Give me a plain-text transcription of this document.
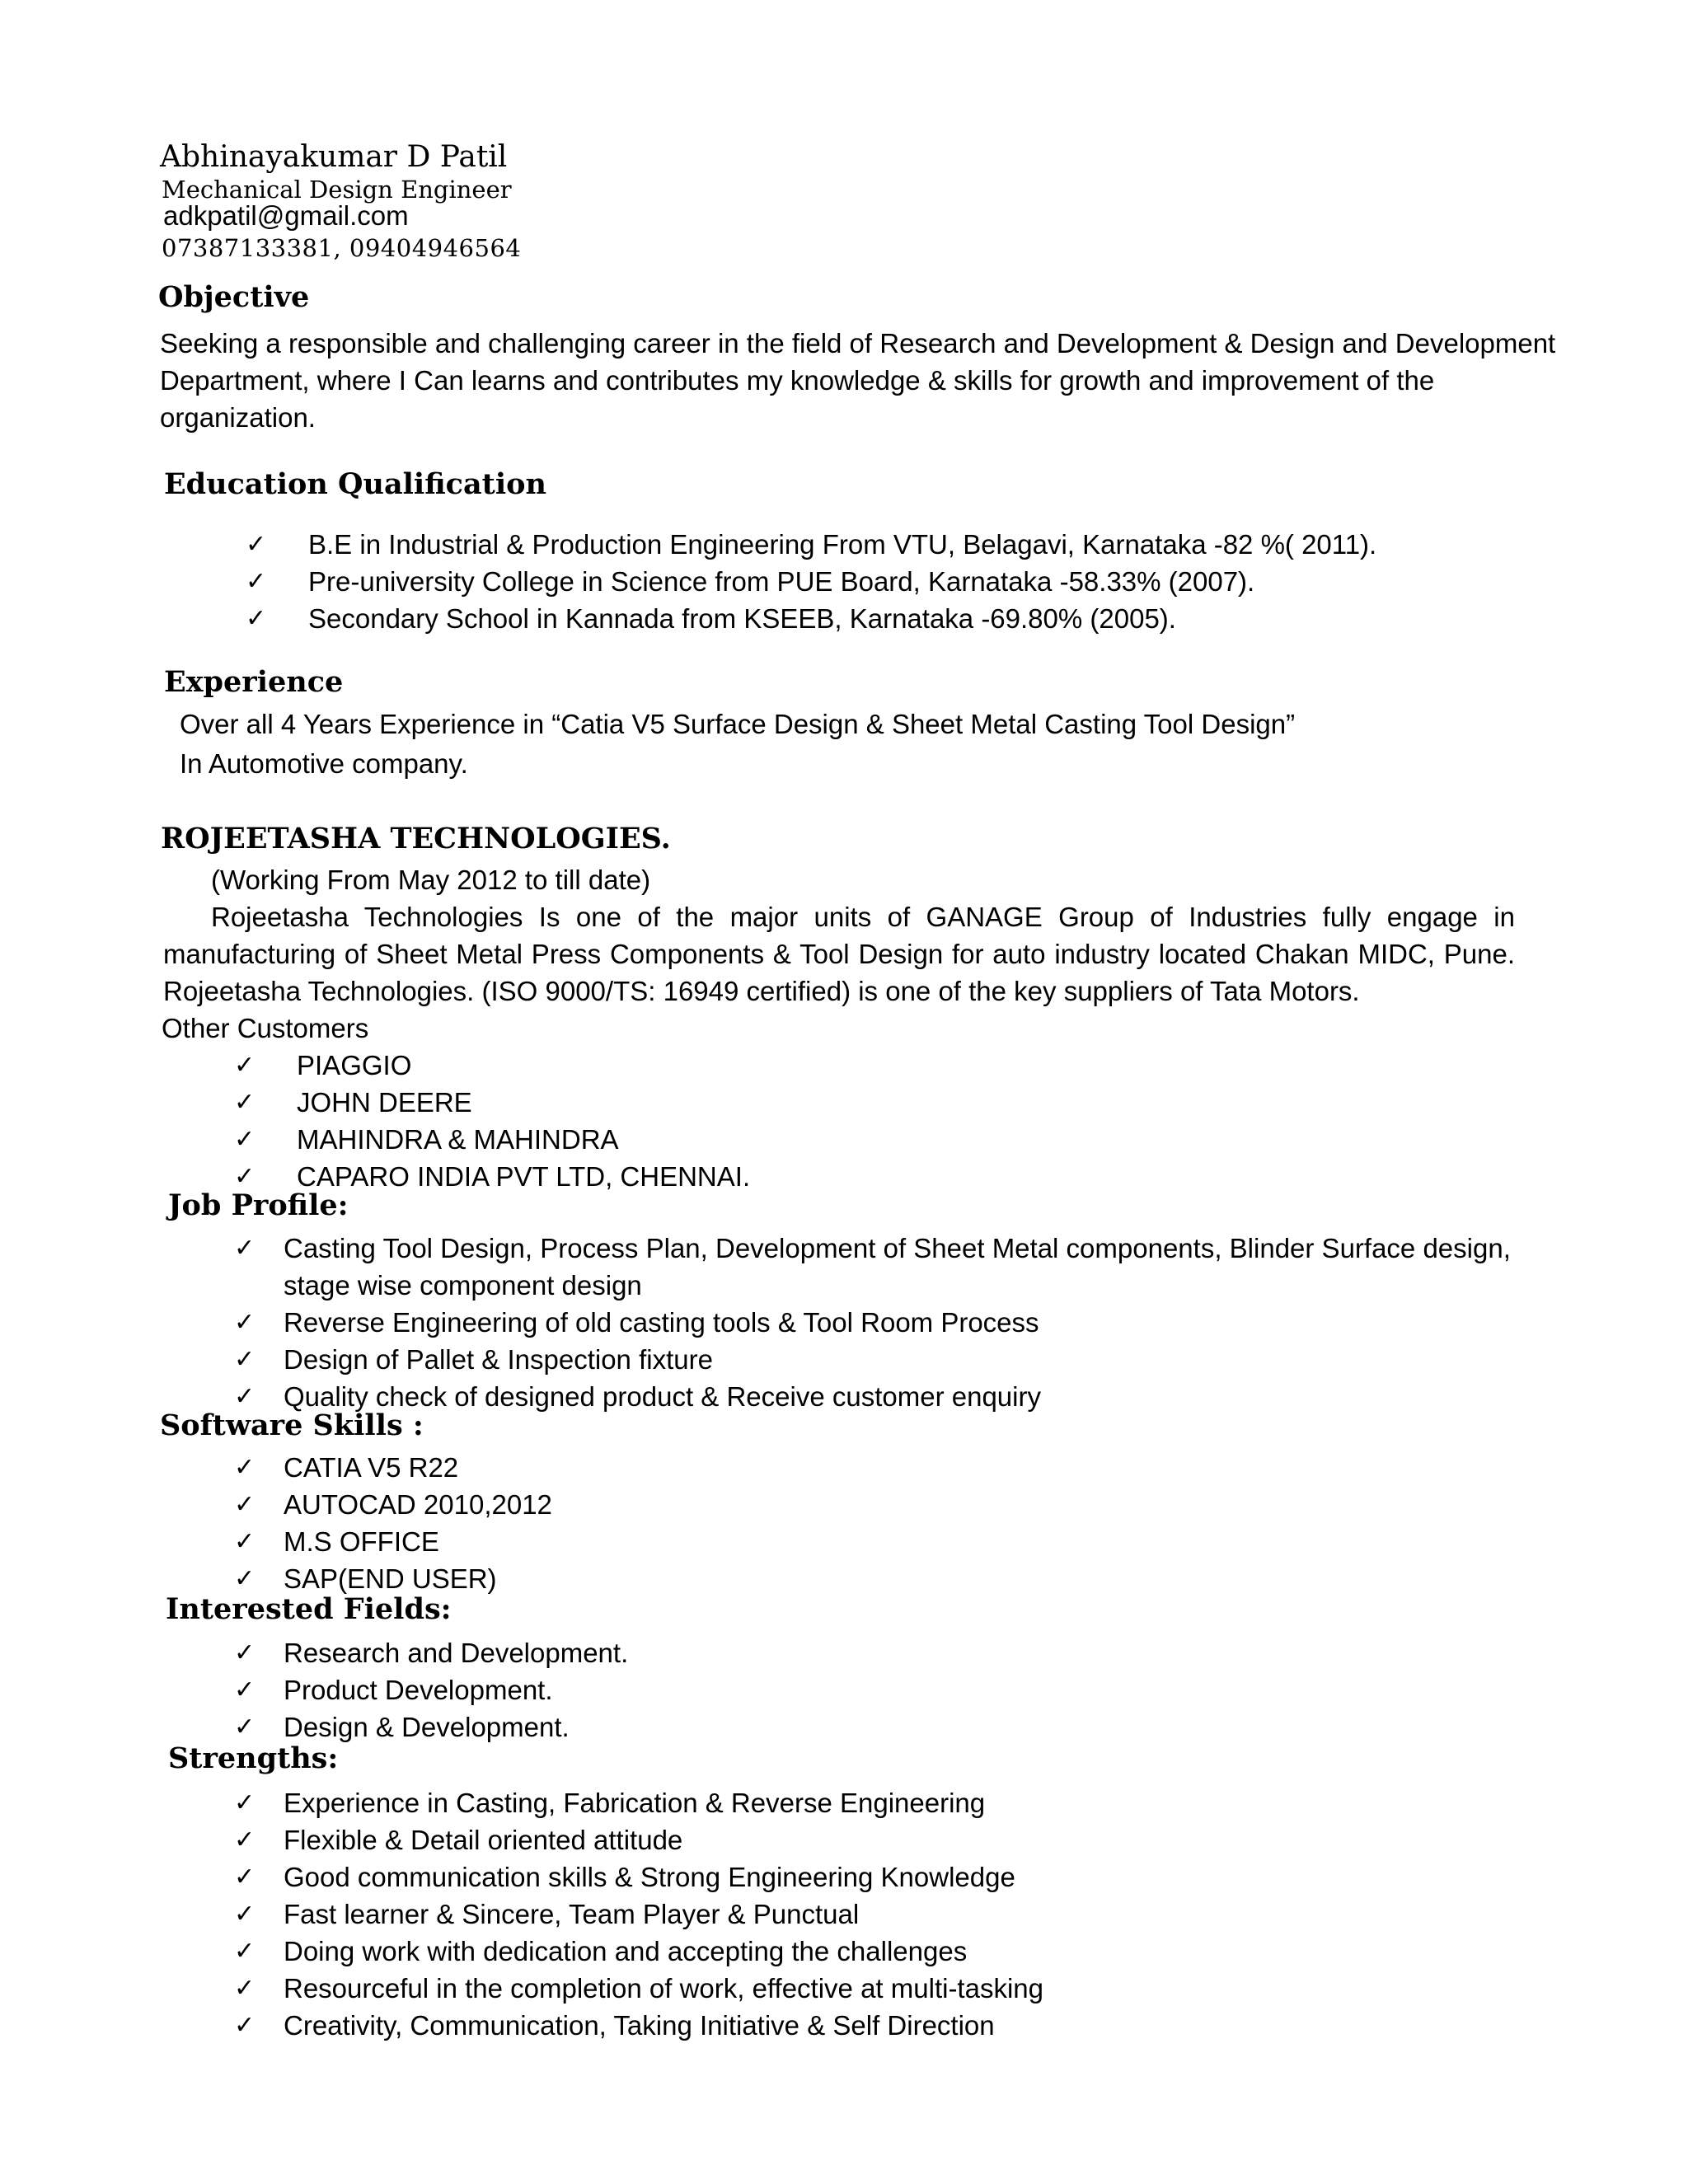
Abhinayakumar D Patil
Mechanical Design Engineer
adkpatil@gmail.com
07387133381, 09404946564
Objective
Seeking a responsible and challenging career in the field of Research and Development & Design and Development Department, where I Can learns and contributes my knowledge & skills for growth and improvement of the organization.
Education Qualification
✓ B.E in Industrial & Production Engineering From VTU, Belagavi, Karnataka -82 %( 2011).
✓ Pre-university College in Science from PUE Board, Karnataka -58.33% (2007).
✓ Secondary School in Kannada from KSEEB, Karnataka -69.80% (2005).
Experience
Over all 4 Years Experience in “Catia V5 Surface Design & Sheet Metal Casting Tool Design”
In Automotive company.
ROJEETASHA TECHNOLOGIES.
(Working From May 2012 to till date)
Rojeetasha Technologies Is one of the major units of GANAGE Group of Industries fully engage in manufacturing of Sheet Metal Press Components & Tool Design for auto industry located Chakan MIDC, Pune. Rojeetasha Technologies. (ISO 9000/TS: 16949 certified) is one of the key suppliers of Tata Motors.
Other Customers
✓ PIAGGIO
✓ JOHN DEERE
✓ MAHINDRA & MAHINDRA
✓ CAPARO INDIA PVT LTD, CHENNAI.
Job Profile:
✓ Casting Tool Design, Process Plan, Development of Sheet Metal components, Blinder Surface design, stage wise component design
✓ Reverse Engineering of old casting tools & Tool Room Process
✓ Design of Pallet & Inspection fixture
✓ Quality check of designed product & Receive customer enquiry
Software Skills :
✓ CATIA V5 R22
✓ AUTOCAD 2010,2012
✓ M.S OFFICE
✓ SAP(END USER)
Interested Fields:
✓ Research and Development.
✓ Product Development.
✓ Design & Development.
Strengths:
✓ Experience in Casting, Fabrication & Reverse Engineering
✓ Flexible & Detail oriented attitude
✓ Good communication skills & Strong Engineering Knowledge
✓ Fast learner & Sincere, Team Player & Punctual
✓ Doing work with dedication and accepting the challenges
✓ Resourceful in the completion of work, effective at multi-tasking
✓ Creativity, Communication, Taking Initiative & Self Direction
